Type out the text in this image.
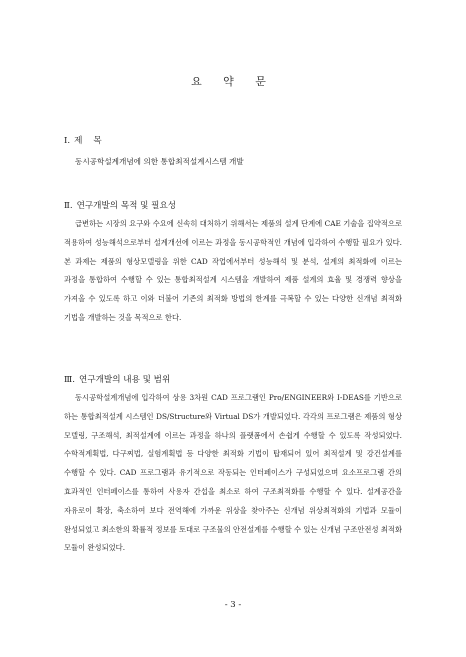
요 약 문
Ⅰ. 제    목
동시공학설계개념에 의한 통합최적설계시스템 개발
Ⅱ. 연구개발의 목적 및 필요성
급변하는 시장의 요구와 수요에 신속히 대처하기 위해서는 제품의 설계 단계에 CAE 기술을 집약적으로 적용하여 성능해석으로부터 설계개선에 이르는 과정을 동시공학적인 개념에 입각하여 수행할 필요가 있다. 본 과제는 제품의 형상모델링을 위한 CAD 작업에서부터 성능해석 및 분석, 설계의 최적화에 이르는 과정을 통합하여 수행할 수 있는 통합최적설계 시스템을 개발하여 제품 설계의 효율 및 경쟁력 향상을 가져올 수 있도록 하고 이와 더불어 기존의 최적화 방법의 한계를 극복할 수 있는 다양한 신개념 최적화 기법을 개발하는 것을 목적으로 한다.
Ⅲ. 연구개발의 내용 및 범위
동시공학설계개념에 입각하여 상용 3차원 CAD 프로그램인 Pro/ENGINEER와 I-DEAS를 기반으로 하는 통합최적설계 시스템인 DS/Structure와 Virtual DS가 개발되었다. 각각의 프로그램은 제품의 형상 모델링, 구조해석, 최적설계에 이르는 과정을 하나의 플랫폼에서 손쉽게 수행할 수 있도록 작성되었다. 수학적계획법, 다구찌법, 실험계획법 등 다양한 최적화 기법이 탑재되어 있어 최적설계 및 강건설계를 수행할 수 있다. CAD 프로그램과 유기적으로 작동되는 인터페이스가 구성되었으며 요소프로그램 간의 효과적인 인터페이스를 통하여 사용자 간섭을 최소로 하여 구조최적화를 수행할 수 있다. 설계공간을 자유로이 확장, 축소하여 보다 전역해에 가까운 위상을 찾아주는 신개념 위상최적화의 기법과 모듈이 완성되었고 최소한의 확률적 정보를 토대로 구조물의 안전설계를 수행할 수 있는 신개념 구조안전성 최적화 모듈이 완성되었다.
- 3 -
